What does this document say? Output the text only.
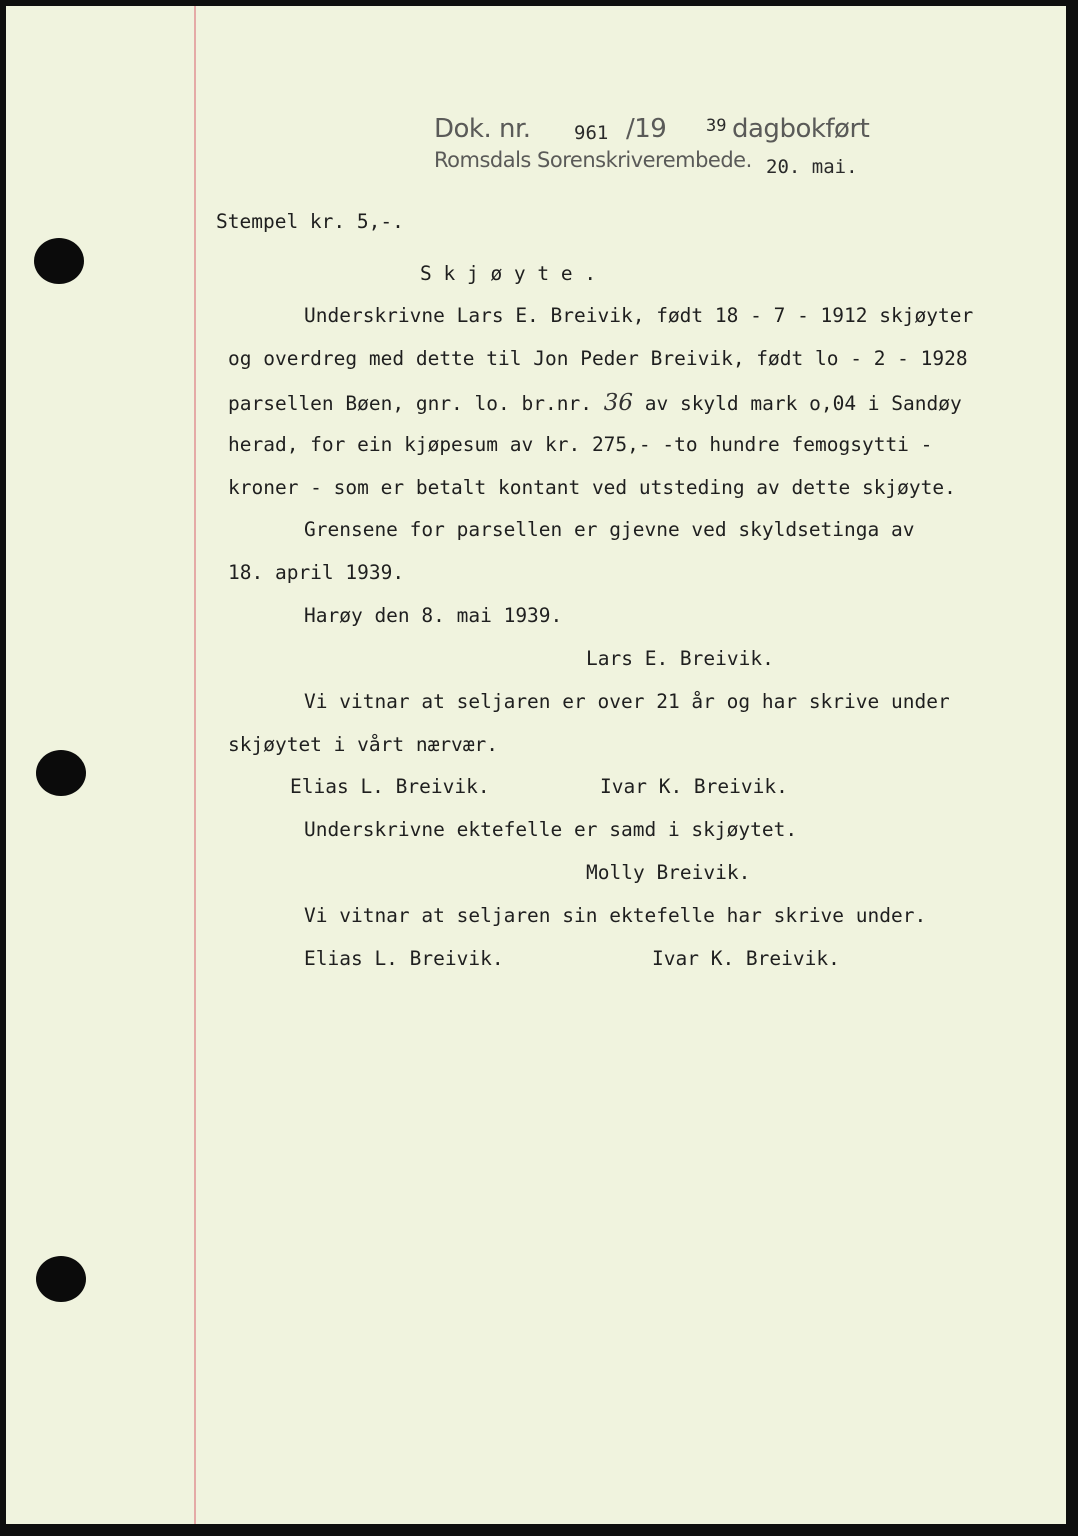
Dok. nr. 961 /19 39 dagbokført
Romsdals Sorenskriverembede. 20. mai.
Stempel kr. 5,-.
S k j ø y t e .
Underskrivne Lars E. Breivik, født 18 - 7 - 1912 skjøyter
og overdreg med dette til Jon Peder Breivik, født lo - 2 - 1928
parsellen Bøen, gnr. lo. br.nr. 36 av skyld mark o,04 i Sandøy
herad, for ein kjøpesum av kr. 275,- -to hundre femogsytti -
kroner - som er betalt kontant ved utsteding av dette skjøyte.
Grensene for parsellen er gjevne ved skyldsetinga av
18. april 1939.
Harøy den 8. mai 1939.
Lars E. Breivik.
Vi vitnar at seljaren er over 21 år og har skrive under
skjøytet i vårt nærvær.
Elias L. Breivik.	Ivar K. Breivik.
Underskrivne ektefelle er samd i skjøytet.
Molly Breivik.
Vi vitnar at seljaren sin ektefelle har skrive under.
Elias L. Breivik.	Ivar K. Breivik.
